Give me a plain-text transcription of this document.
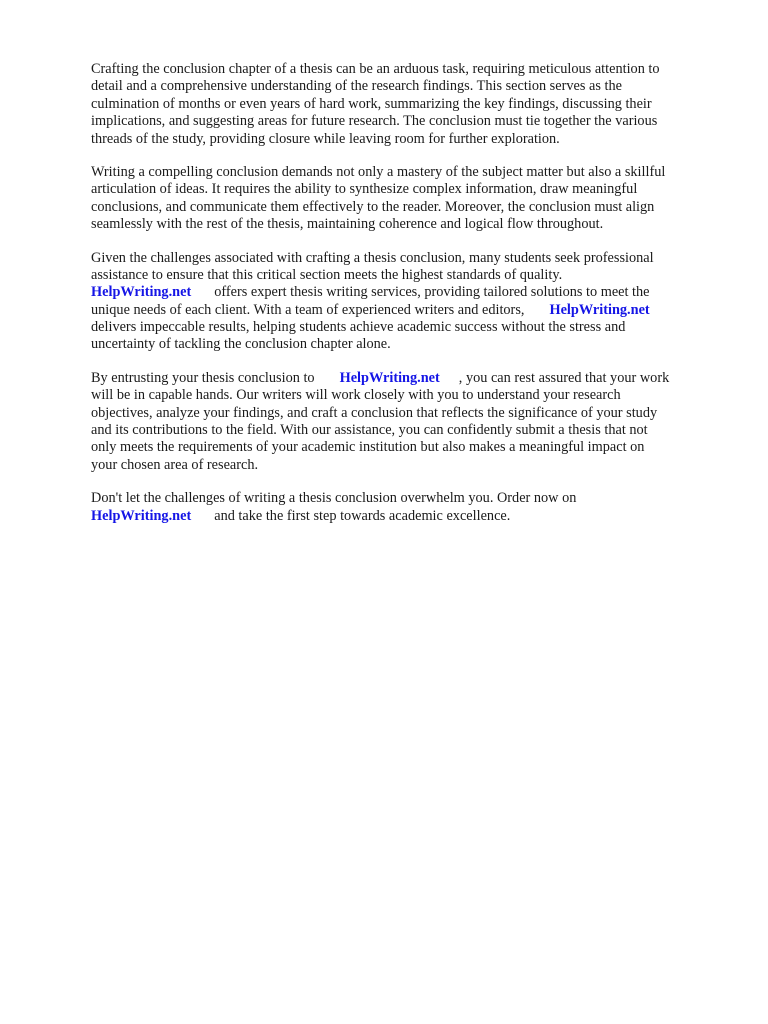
Crafting the conclusion chapter of a thesis can be an arduous task, requiring meticulous attention to
detail and a comprehensive understanding of the research findings. This section serves as the
culmination of months or even years of hard work, summarizing the key findings, discussing their
implications, and suggesting areas for future research. The conclusion must tie together the various
threads of the study, providing closure while leaving room for further exploration.

Writing a compelling conclusion demands not only a mastery of the subject matter but also a skillful
articulation of ideas. It requires the ability to synthesize complex information, draw meaningful
conclusions, and communicate them effectively to the reader. Moreover, the conclusion must align
seamlessly with the rest of the thesis, maintaining coherence and logical flow throughout.

Given the challenges associated with crafting a thesis conclusion, many students seek professional
assistance to ensure that this critical section meets the highest standards of quality.
HelpWriting.net offers expert thesis writing services, providing tailored solutions to meet the
unique needs of each client. With a team of experienced writers and editors, HelpWriting.net
delivers impeccable results, helping students achieve academic success without the stress and
uncertainty of tackling the conclusion chapter alone.

By entrusting your thesis conclusion to HelpWriting.net , you can rest assured that your work
will be in capable hands. Our writers will work closely with you to understand your research
objectives, analyze your findings, and craft a conclusion that reflects the significance of your study
and its contributions to the field. With our assistance, you can confidently submit a thesis that not
only meets the requirements of your academic institution but also makes a meaningful impact on
your chosen area of research.

Don't let the challenges of writing a thesis conclusion overwhelm you. Order now on
HelpWriting.net and take the first step towards academic excellence.
